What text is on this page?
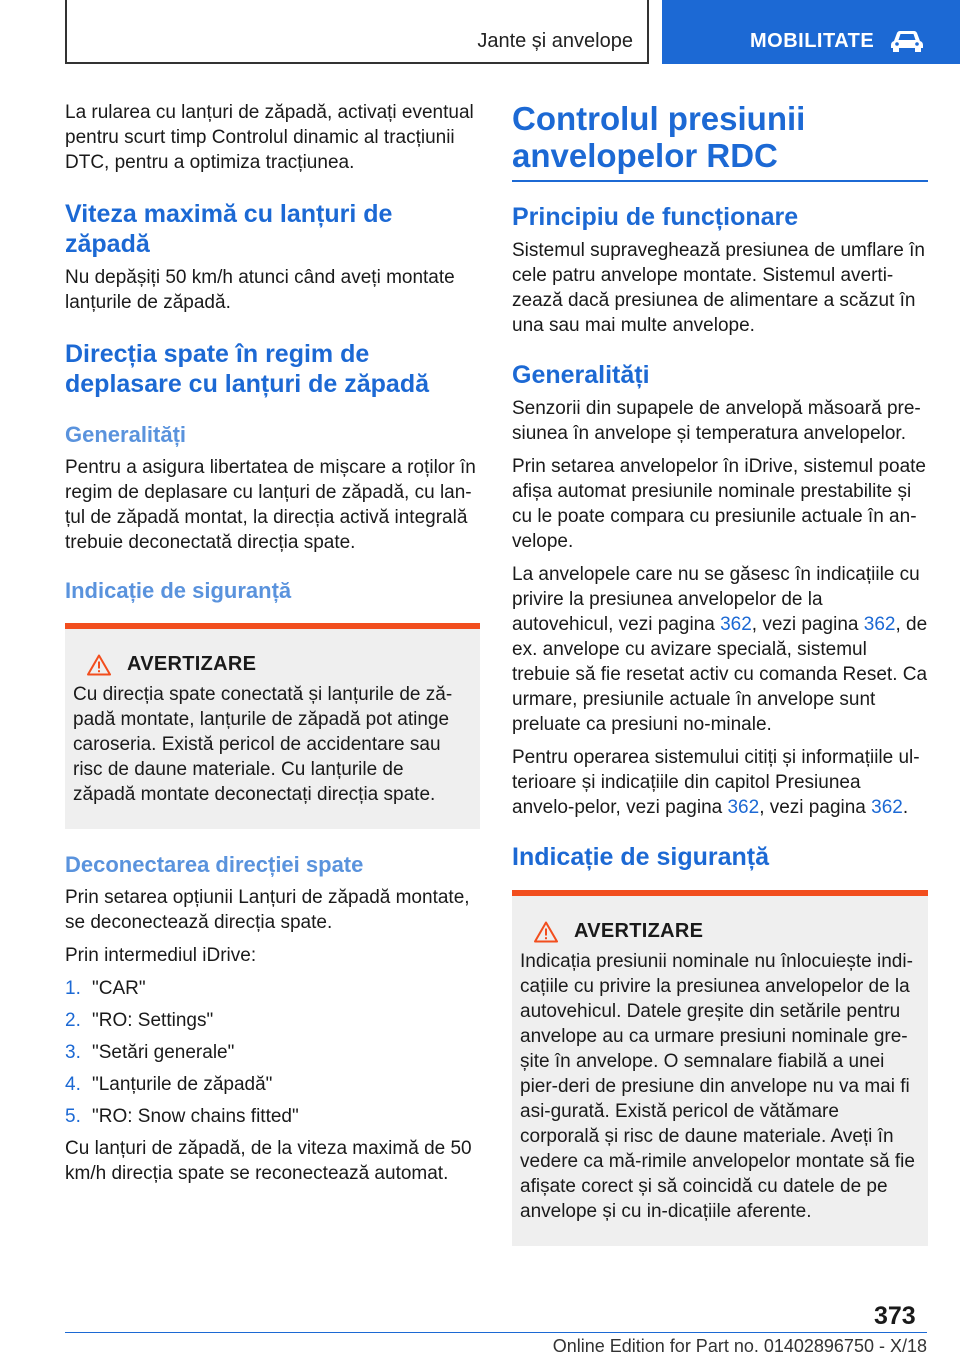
Jante și anvelope	MOBILITATE

La rularea cu lanțuri de zăpadă, activați eventual pentru scurt timp Controlul dinamic al tracțiunii DTC, pentru a optimiza tracțiunea.

Viteza maximă cu lanțuri de zăpadă

Nu depășiți 50 km/h atunci când aveți montate lanțurile de zăpadă.

Direcția spate în regim de deplasare cu lanțuri de zăpadă
Generalități

Pentru a asigura libertatea de mișcare a roților în regim de deplasare cu lanțuri de zăpadă, cu lan-țul de zăpadă montat, la direcția activă integrală trebuie deconectată direcția spate.

Indicație de siguranță
AVERTIZARE

Cu direcția spate conectată și lanțurile de ză-padă montate, lanțurile de zăpadă pot atinge caroseria. Există pericol de accidentare sau risc de daune materiale. Cu lanțurile de zăpadă montate deconectați direcția spate.

Deconectarea direcției spate

Prin setarea opțiunii Lanțuri de zăpadă montate, se deconectează direcția spate.

Prin intermediul iDrive:

1. "CAR"
2. "RO: Settings"
3. "Setări generale"
4. "Lanțurile de zăpadă"
5. "RO: Snow chains fitted"

Cu lanțuri de zăpadă, de la viteza maximă de 50 km/h direcția spate se reconectează automat.

Controlul presiunii anvelopelor RDC
Principiu de funcționare

Sistemul supraveghează presiunea de umflare în cele patru anvelope montate. Sistemul averti-zează dacă presiunea de alimentare a scăzut în una sau mai multe anvelope.

Generalități

Senzorii din supapele de anvelopă măsoară pre-siunea în anvelope și temperatura anvelopelor.

Prin setarea anvelopelor în iDrive, sistemul poate afișa automat presiunile nominale prestabilite și cu le poate compara cu presiunile actuale în an-velope.

La anvelopele care nu se găsesc în indicațiile cu privire la presiunea anvelopelor de la autovehicul, vezi pagina 362, vezi pagina 362, de ex. anvelope cu avizare specială, sistemul trebuie să fie resetat activ cu comanda Reset. Ca urmare, presiunile actuale în anvelope sunt preluate ca presiuni no-minale.

Pentru operarea sistemului citiți și informațiile ul-terioare și indicațiile din capitol Presiunea anvelo-pelor, vezi pagina 362, vezi pagina 362.

Indicație de siguranță
AVERTIZARE

Indicația presiunii nominale nu înlocuiește indi-cațiile cu privire la presiunea anvelopelor de la autovehicul. Datele greșite din setările pentru anvelope au ca urmare presiuni nominale gre-șite în anvelope. O semnalare fiabilă a unei pier-deri de presiune din anvelope nu va mai fi asi-gurată. Există pericol de vătămare corporală și risc de daune materiale. Aveți în vedere ca mă-rimile anvelopelor montate să fie afișate corect și să coincidă cu datele de pe anvelope și cu in-dicațiile aferente.

373
Online Edition for Part no. 01402896750 - X/18
